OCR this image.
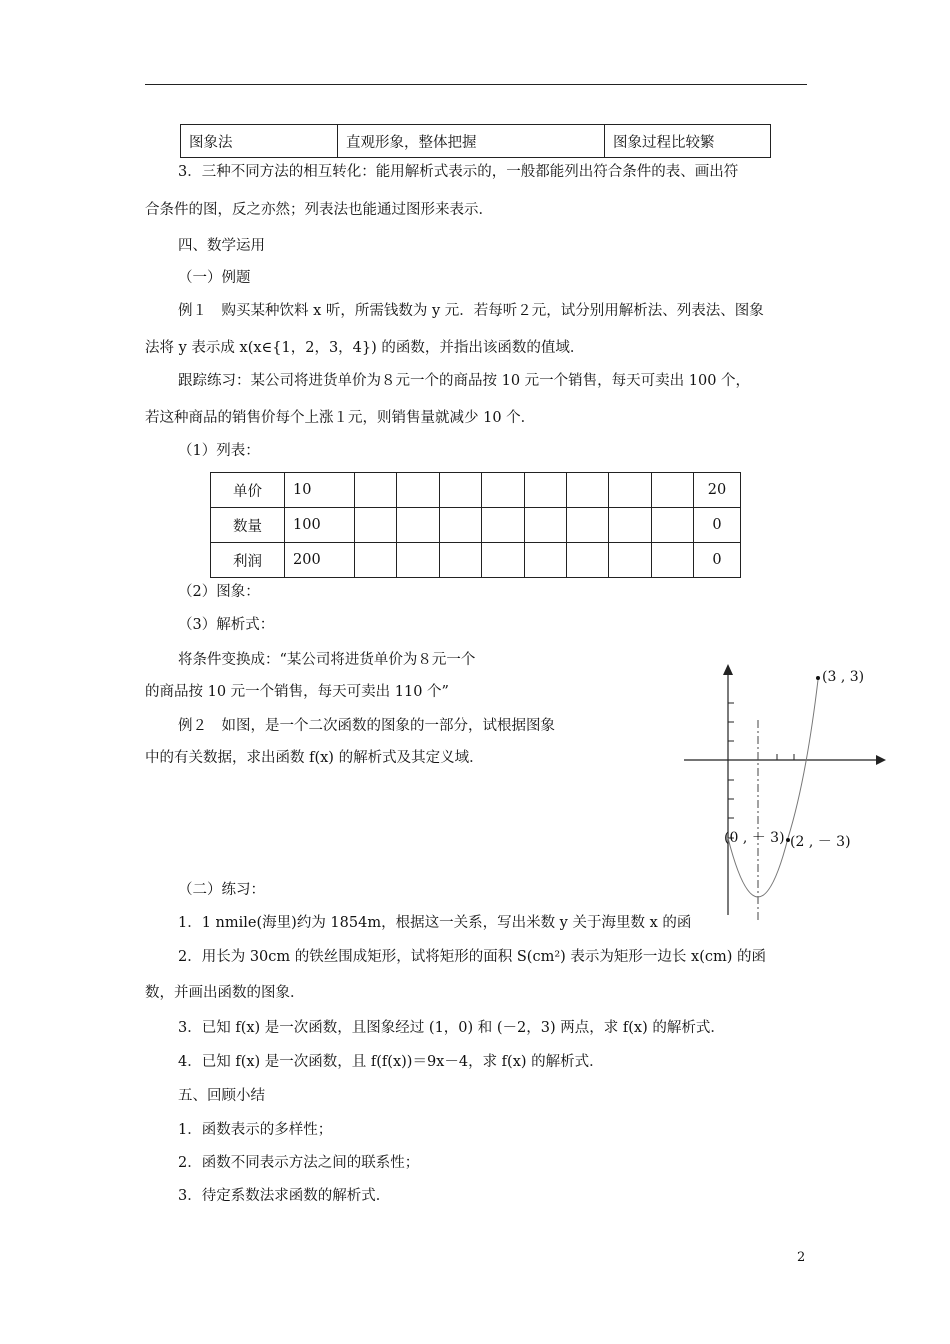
图象法	直观形象，整体把握	图象过程比较繁
3．三种不同方法的相互转化：能用解析式表示的，一般都能列出符合条件的表、画出符
合条件的图，反之亦然；列表法也能通过图形来表示．
四、数学运用
（一）例题
例１　购买某种饮料 x 听，所需钱数为 y 元．若每听２元，试分别用解析法、列表法、图象
法将 y 表示成 x(x∈{1，2，3，4}) 的函数，并指出该函数的值域．
跟踪练习：某公司将进货单价为８元一个的商品按 10 元一个销售，每天可卖出 100 个，
若这种商品的销售价每个上涨１元，则销售量就减少 10 个．
（1）列表：
单价	10									20
数量	100									0
利润	200									0
（2）图象：
（3）解析式：
将条件变换成：“某公司将进货单价为８元一个
的商品按 10 元一个销售，每天可卖出 110 个”
例２　如图，是一个二次函数的图象的一部分，试根据图象
中的有关数据，求出函数 f(x) 的解析式及其定义域．
(3 , 3)
(0 , － 3) (2 , － 3)
（二）练习：
1．1 nmile(海里)约为 1854m，根据这一关系，写出米数 y 关于海里数 x 的函
2．用长为 30cm 的铁丝围成矩形，试将矩形的面积 S(cm²) 表示为矩形一边长 x(cm) 的函
数，并画出函数的图象．
3．已知 f(x) 是一次函数，且图象经过 (1，0) 和 (－2，3) 两点，求 f(x) 的解析式．
4．已知 f(x) 是一次函数，且 f(f(x))＝9x－4，求 f(x) 的解析式．
五、回顾小结
1．函数表示的多样性；
2．函数不同表示方法之间的联系性；
3．待定系数法求函数的解析式．
2
